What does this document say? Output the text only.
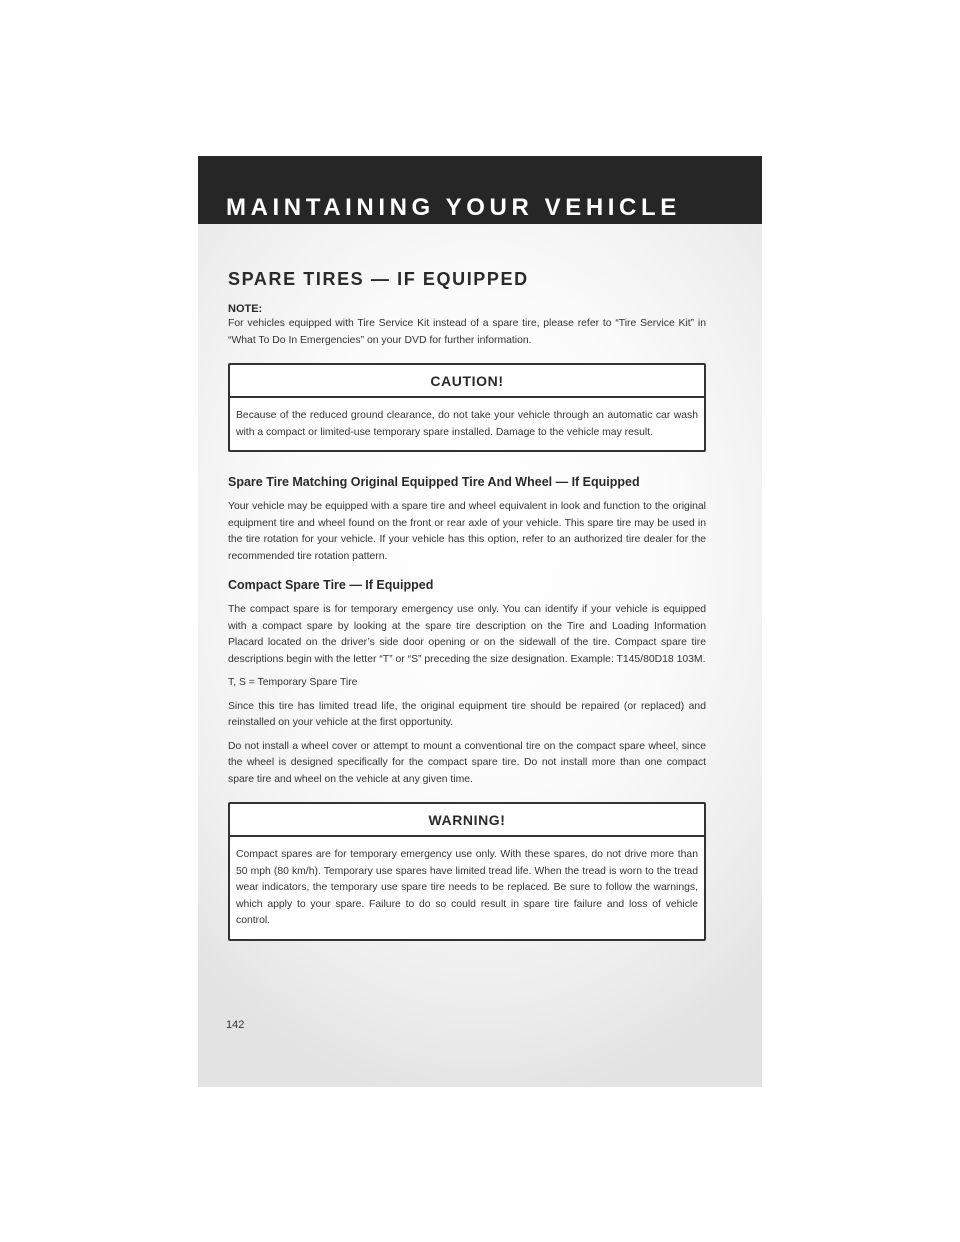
MAINTAINING YOUR VEHICLE
SPARE TIRES — IF EQUIPPED
NOTE:

For vehicles equipped with Tire Service Kit instead of a spare tire, please refer to “Tire Service Kit” in “What To Do In Emergencies” on your DVD for further information.

CAUTION!

Because of the reduced ground clearance, do not take your vehicle through an automatic car wash with a compact or limited-use temporary spare installed. Damage to the vehicle may result.

Spare Tire Matching Original Equipped Tire And Wheel — If Equipped

Your vehicle may be equipped with a spare tire and wheel equivalent in look and function to the original equipment tire and wheel found on the front or rear axle of your vehicle. This spare tire may be used in the tire rotation for your vehicle. If your vehicle has this option, refer to an authorized tire dealer for the recommended tire rotation pattern.

Compact Spare Tire — If Equipped

The compact spare is for temporary emergency use only. You can identify if your vehicle is equipped with a compact spare by looking at the spare tire description on the Tire and Loading Information Placard located on the driver’s side door opening or on the sidewall of the tire. Compact spare tire descriptions begin with the letter “T” or “S” preceding the size designation. Example: T145/80D18 103M.

T, S = Temporary Spare Tire

Since this tire has limited tread life, the original equipment tire should be repaired (or replaced) and reinstalled on your vehicle at the first opportunity.

Do not install a wheel cover or attempt to mount a conventional tire on the compact spare wheel, since the wheel is designed specifically for the compact spare tire. Do not install more than one compact spare tire and wheel on the vehicle at any given time.

WARNING!

Compact spares are for temporary emergency use only. With these spares, do not drive more than 50 mph (80 km/h). Temporary use spares have limited tread life. When the tread is worn to the tread wear indicators, the temporary use spare tire needs to be replaced. Be sure to follow the warnings, which apply to your spare. Failure to do so could result in spare tire failure and loss of vehicle control.

142
